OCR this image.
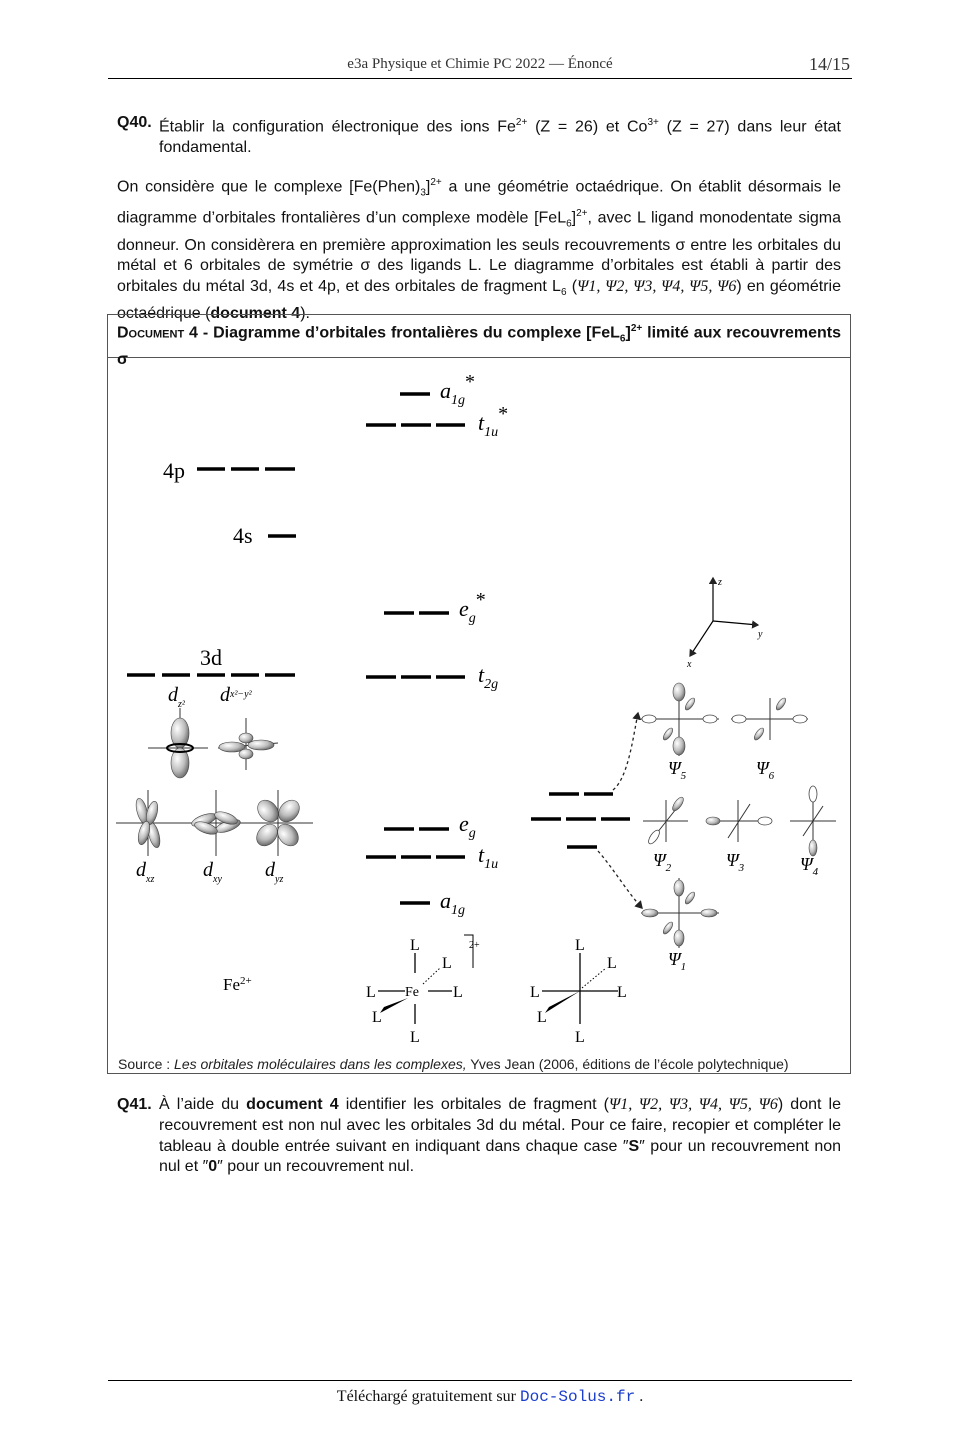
e3a Physique et Chimie PC 2022 — Énoncé	14/15
Q40. Établir la configuration électronique des ions $Fe^{2+}$ (Z = 26) et $Co^{3+}$ (Z = 27) dans leur état fondamental.
On considère que le complexe $[Fe(Phen)_3]^{2+}$ a une géométrie octaédrique. On établit désormais le diagramme d’orbitales frontalières d’un complexe modèle $[FeL_6]^{2+}$, avec L ligand monodentate sigma donneur. On considèrera en première approximation les seuls recouvrements σ entre les orbitales du métal et 6 orbitales de symétrie σ des ligands L. Le diagramme d’orbitales est établi à partir des orbitales du métal 3d, 4s et 4p, et des orbitales de fragment $L_6$ (Ψ1, Ψ2, Ψ3, Ψ4, Ψ5, Ψ6) en géométrie octaédrique (document 4).
Document 4 - Diagramme d’orbitales frontalières du complexe $[FeL_6]^{2+}$ limité aux recouvrements σ
4p
4s
3d
$a_{1g}*$
$t_{1u}*$
$e_g*$
$t_{2g}$
$e_g$
$t_{1u}$
$a_{1g}$
z
y
x
$d_{z^2}$ $d^{x^2-y^2}$
$d_{xz}$ $d_{xy}$ $d_{yz}$
$\Psi_5$	$\Psi_6$
$\Psi_2$	$\Psi_3$	$\Psi_4$
$\Psi_1$
$Fe^{2+}$
L
L
L	L
L
L
Fe
2+	L
L
L	L
L
L
Source : Les orbitales moléculaires dans les complexes, Yves Jean (2006, éditions de l’école polytechnique)
Q41. À l’aide du document 4 identifier les orbitales de fragment (Ψ1, Ψ2, Ψ3, Ψ4, Ψ5, Ψ6) dont le recouvrement est non nul avec les orbitales 3d du métal. Pour ce faire, recopier et compléter le tableau à double entrée suivant en indiquant dans chaque case ″S″ pour un recouvrement non nul et ″0″ pour un recouvrement nul.
Téléchargé gratuitement sur Doc-Solus.fr .
